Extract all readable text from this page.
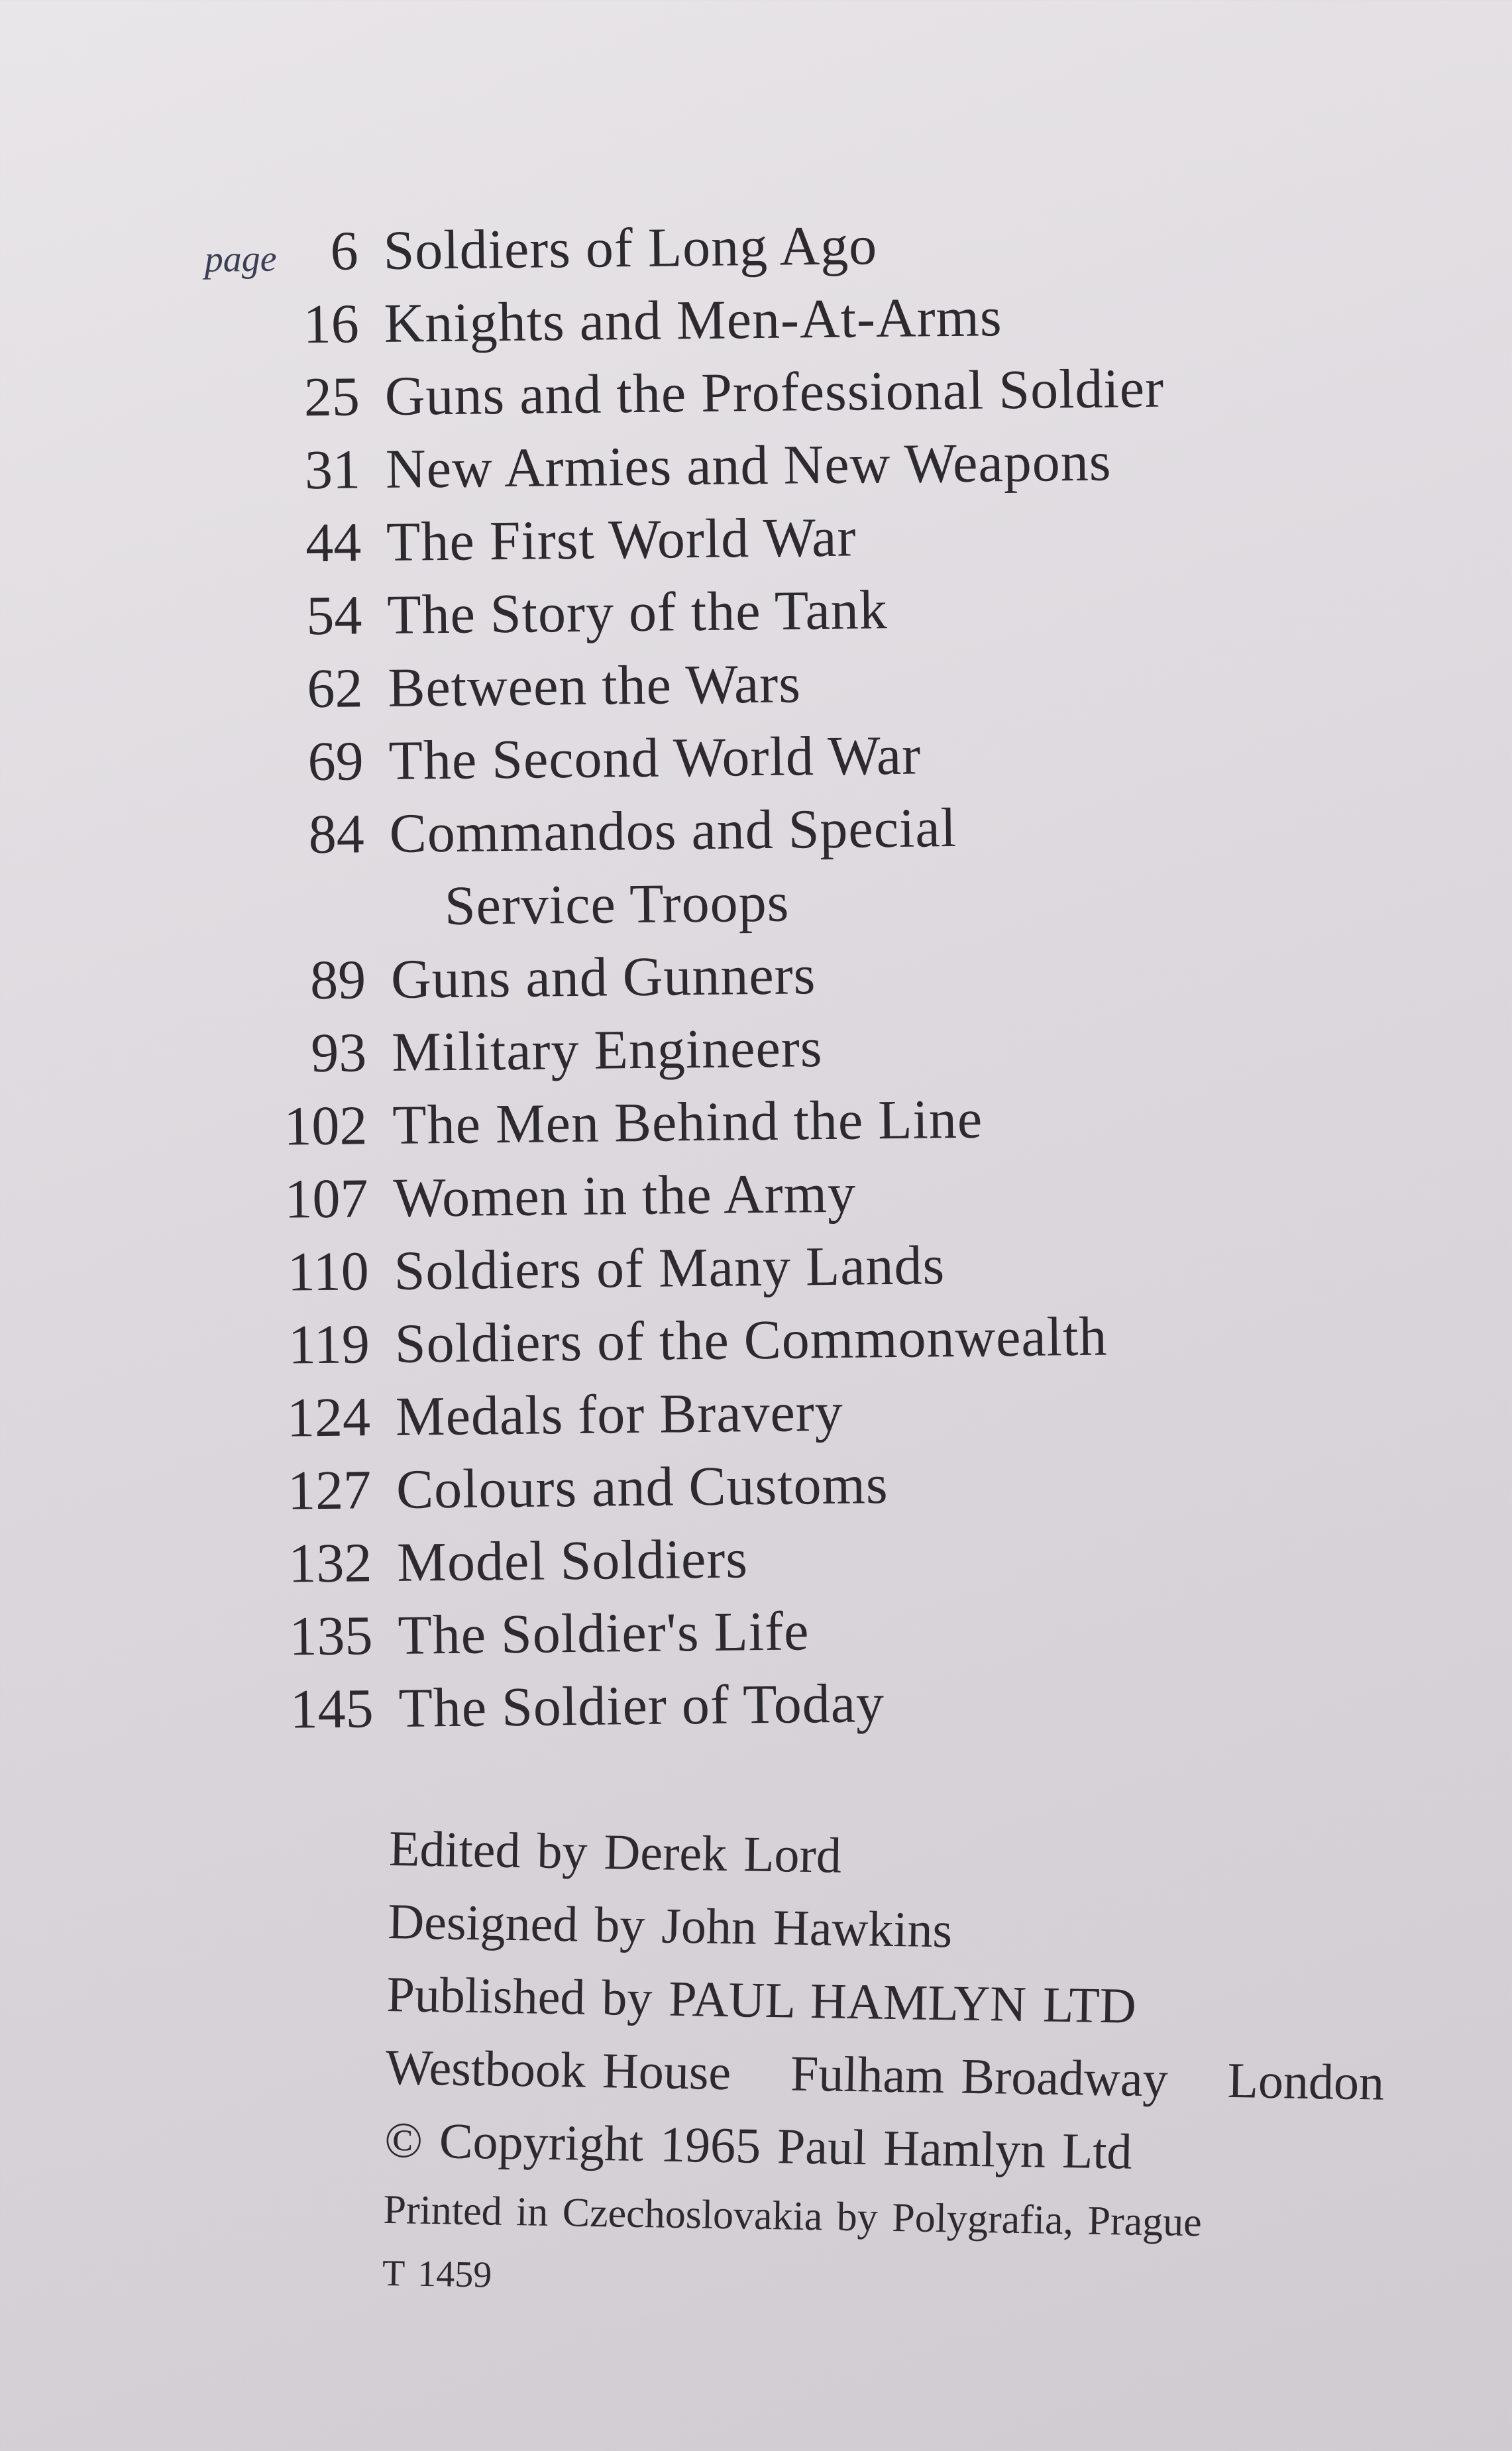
page 6 Soldiers of Long Ago
16 Knights and Men-At-Arms
25 Guns and the Professional Soldier
31 New Armies and New Weapons
44 The First World War
54 The Story of the Tank
62 Between the Wars
69 The Second World War
84 Commandos and Special
Service Troops
89 Guns and Gunners
93 Military Engineers
102 The Men Behind the Line
107 Women in the Army
110 Soldiers of Many Lands
119 Soldiers of the Commonwealth
124 Medals for Bravery
127 Colours and Customs
132 Model Soldiers
135 The Soldier's Life
145 The Soldier of Today
Edited by Derek Lord
Designed by John Hawkins
Published by PAUL HAMLYN LTD
Westbook House Fulham Broadway London
© Copyright 1965 Paul Hamlyn Ltd
Printed in Czechoslovakia by Polygrafia, Prague
T 1459
